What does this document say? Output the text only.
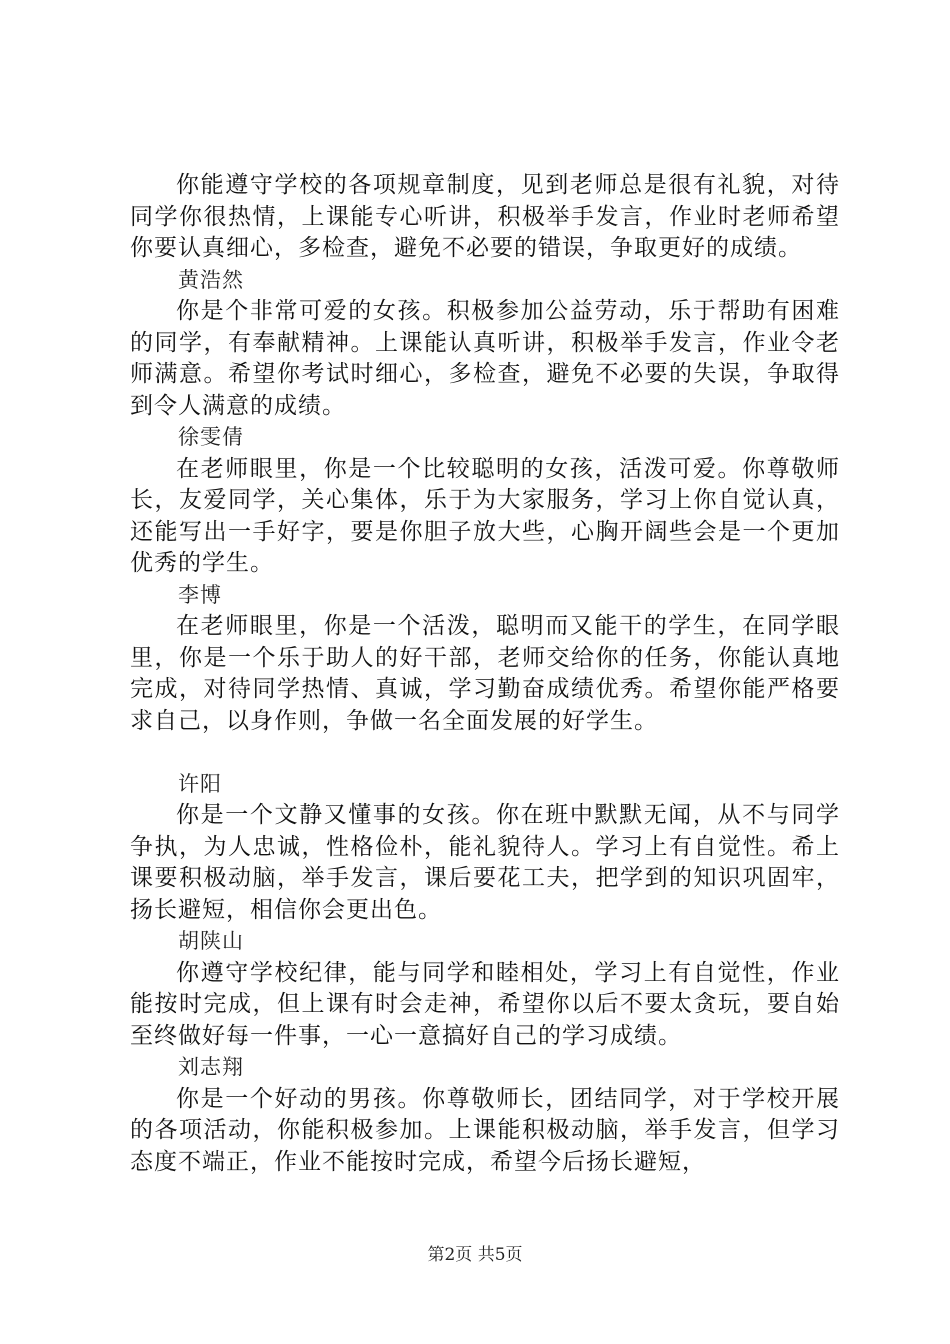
你能遵守学校的各项规章制度，见到老师总是很有礼貌，对待同学你很热情，上课能专心听讲，积极举手发言，作业时老师希望你要认真细心，多检查，避免不必要的错误，争取更好的成绩。

黄浩然

你是个非常可爱的女孩。积极参加公益劳动，乐于帮助有困难的同学，有奉献精神。上课能认真听讲，积极举手发言，作业令老师满意。希望你考试时细心，多检查，避免不必要的失误，争取得到令人满意的成绩。

徐雯倩

在老师眼里，你是一个比较聪明的女孩，活泼可爱。你尊敬师长，友爱同学，关心集体，乐于为大家服务，学习上你自觉认真，还能写出一手好字，要是你胆子放大些，心胸开阔些会是一个更加优秀的学生。

李博

在老师眼里，你是一个活泼，聪明而又能干的学生，在同学眼里，你是一个乐于助人的好干部，老师交给你的任务，你能认真地完成，对待同学热情、真诚，学习勤奋成绩优秀。希望你能严格要求自己，以身作则，争做一名全面发展的好学生。

许阳

你是一个文静又懂事的女孩。你在班中默默无闻，从不与同学争执，为人忠诚，性格俭朴，能礼貌待人。学习上有自觉性。希上课要积极动脑，举手发言，课后要花工夫，把学到的知识巩固牢，扬长避短，相信你会更出色。

胡陕山

你遵守学校纪律，能与同学和睦相处，学习上有自觉性，作业能按时完成，但上课有时会走神，希望你以后不要太贪玩，要自始至终做好每一件事，一心一意搞好自己的学习成绩。

刘志翔

你是一个好动的男孩。你尊敬师长，团结同学，对于学校开展的各项活动，你能积极参加。上课能积极动脑，举手发言，但学习态度不端正，作业不能按时完成，希望今后扬长避短，

第2页 共5页
